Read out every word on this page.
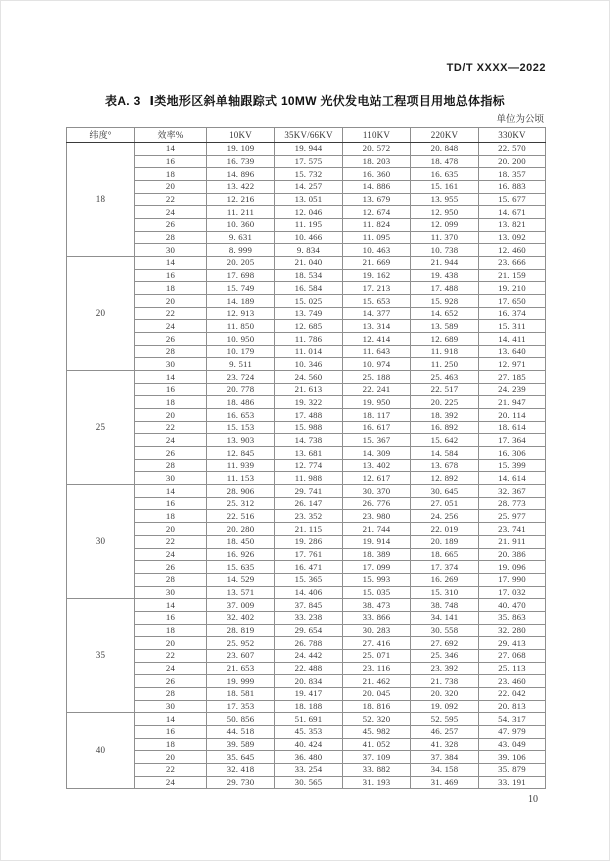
TD/T XXXX—2022
表A. 3 Ⅰ类地形区斜单轴跟踪式 10MW 光伏发电站工程项目用地总体指标
单位为公顷
纬度°	效率%	10KV	35KV/66KV	110KV	220KV	330KV
18	14	19. 109	19. 944	20. 572	20. 848	22. 570
	16	16. 739	17. 575	18. 203	18. 478	20. 200
	18	14. 896	15. 732	16. 360	16. 635	18. 357
	20	13. 422	14. 257	14. 886	15. 161	16. 883
	22	12. 216	13. 051	13. 679	13. 955	15. 677
	24	11. 211	12. 046	12. 674	12. 950	14. 671
	26	10. 360	11. 195	11. 824	12. 099	13. 821
	28	9. 631	10. 466	11. 095	11. 370	13. 092
	30	8. 999	9. 834	10. 463	10. 738	12. 460
20	14	20. 205	21. 040	21. 669	21. 944	23. 666
	16	17. 698	18. 534	19. 162	19. 438	21. 159
	18	15. 749	16. 584	17. 213	17. 488	19. 210
	20	14. 189	15. 025	15. 653	15. 928	17. 650
	22	12. 913	13. 749	14. 377	14. 652	16. 374
	24	11. 850	12. 685	13. 314	13. 589	15. 311
	26	10. 950	11. 786	12. 414	12. 689	14. 411
	28	10. 179	11. 014	11. 643	11. 918	13. 640
	30	9. 511	10. 346	10. 974	11. 250	12. 971
25	14	23. 724	24. 560	25. 188	25. 463	27. 185
	16	20. 778	21. 613	22. 241	22. 517	24. 239
	18	18. 486	19. 322	19. 950	20. 225	21. 947
	20	16. 653	17. 488	18. 117	18. 392	20. 114
	22	15. 153	15. 988	16. 617	16. 892	18. 614
	24	13. 903	14. 738	15. 367	15. 642	17. 364
	26	12. 845	13. 681	14. 309	14. 584	16. 306
	28	11. 939	12. 774	13. 402	13. 678	15. 399
	30	11. 153	11. 988	12. 617	12. 892	14. 614
30	14	28. 906	29. 741	30. 370	30. 645	32. 367
	16	25. 312	26. 147	26. 776	27. 051	28. 773
	18	22. 516	23. 352	23. 980	24. 256	25. 977
	20	20. 280	21. 115	21. 744	22. 019	23. 741
	22	18. 450	19. 286	19. 914	20. 189	21. 911
	24	16. 926	17. 761	18. 389	18. 665	20. 386
	26	15. 635	16. 471	17. 099	17. 374	19. 096
	28	14. 529	15. 365	15. 993	16. 269	17. 990
	30	13. 571	14. 406	15. 035	15. 310	17. 032
35	14	37. 009	37. 845	38. 473	38. 748	40. 470
	16	32. 402	33. 238	33. 866	34. 141	35. 863
	18	28. 819	29. 654	30. 283	30. 558	32. 280
	20	25. 952	26. 788	27. 416	27. 692	29. 413
	22	23. 607	24. 442	25. 071	25. 346	27. 068
	24	21. 653	22. 488	23. 116	23. 392	25. 113
	26	19. 999	20. 834	21. 462	21. 738	23. 460
	28	18. 581	19. 417	20. 045	20. 320	22. 042
	30	17. 353	18. 188	18. 816	19. 092	20. 813
40	14	50. 856	51. 691	52. 320	52. 595	54. 317
	16	44. 518	45. 353	45. 982	46. 257	47. 979
	18	39. 589	40. 424	41. 052	41. 328	43. 049
	20	35. 645	36. 480	37. 109	37. 384	39. 106
	22	32. 418	33. 254	33. 882	34. 158	35. 879
	24	29. 730	30. 565	31. 193	31. 469	33. 191
10
